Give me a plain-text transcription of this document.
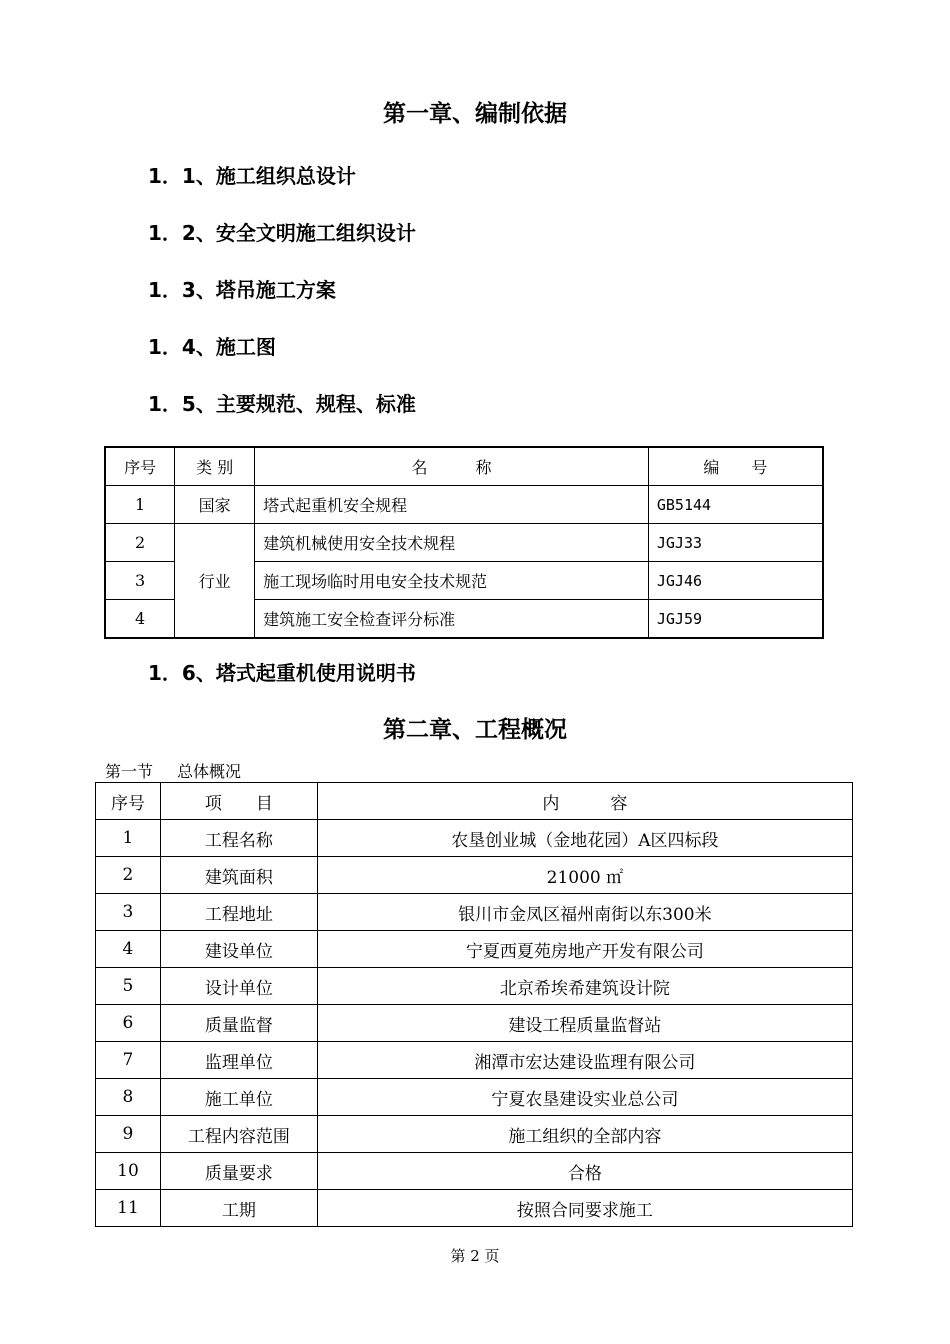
第一章、编制依据
1．1、施工组织总设计
1．2、安全文明施工组织设计
1．3、塔吊施工方案
1．4、施工图
1．5、主要规范、规程、标准
序号	类 别	名　　　称	编　　号
1	国家	塔式起重机安全规程	GB5144
2	行业	建筑机械使用安全技术规程	JGJ33
3		施工现场临时用电安全技术规范	JGJ46
4		建筑施工安全检查评分标准	JGJ59
1．6、塔式起重机使用说明书
第二章、工程概况
第一节 总体概况
序号	项　　目	内　　　容
1	工程名称	农垦创业城（金地花园）A区四标段
2	建筑面积	21000 ㎡
3	工程地址	银川市金凤区福州南街以东300米
4	建设单位	宁夏西夏苑房地产开发有限公司
5	设计单位	北京希埃希建筑设计院
6	质量监督	建设工程质量监督站
7	监理单位	湘潭市宏达建设监理有限公司
8	施工单位	宁夏农垦建设实业总公司
9	工程内容范围	施工组织的全部内容
10	质量要求	合格
11	工期	按照合同要求施工
第 2 页
